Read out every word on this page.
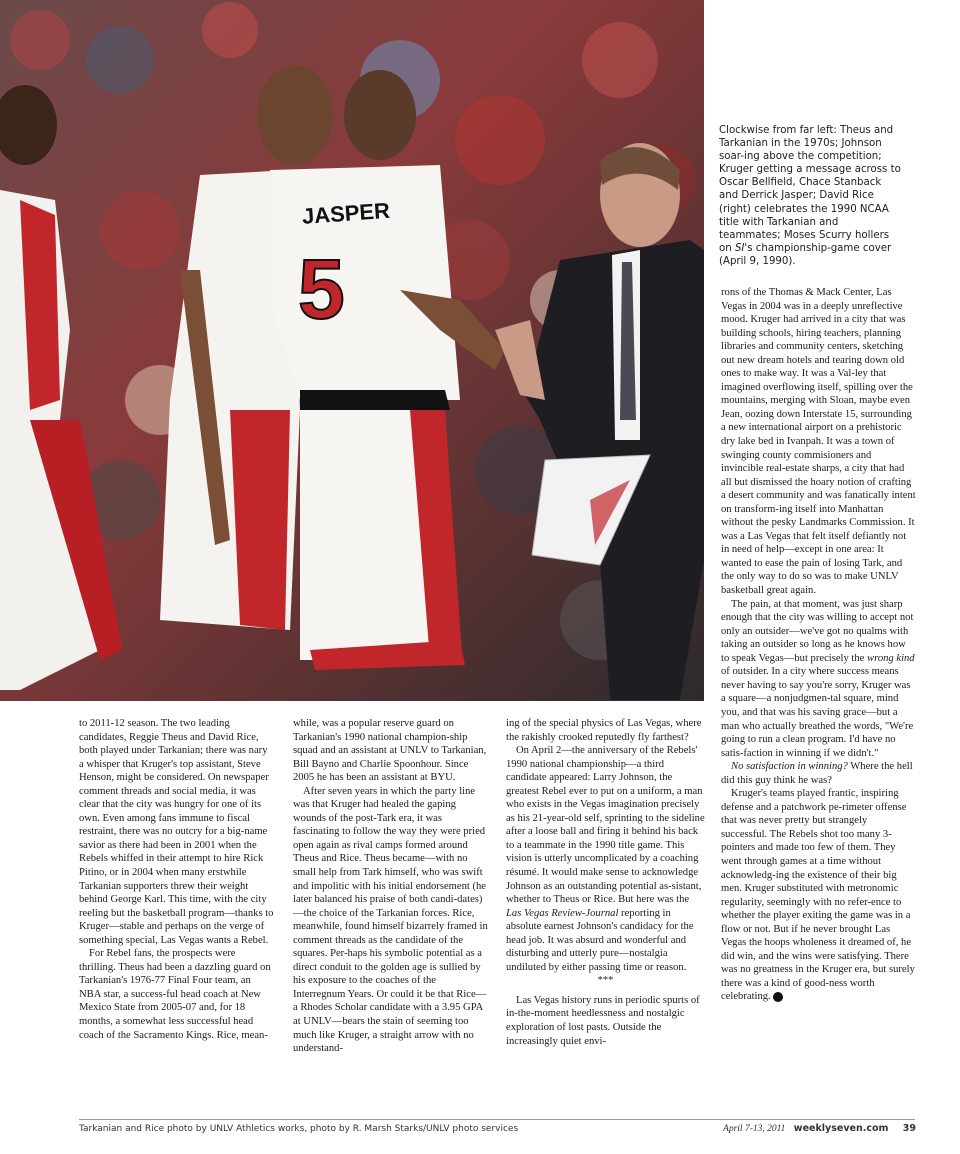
JASPER
5
Clockwise from far left: Theus and Tarkanian in the 1970s; Johnson soar-ing above the competition; Kruger getting a message across to Oscar Bellfield, Chace Stanback and Derrick Jasper; David Rice (right) celebrates the 1990 NCAA title with Tarkanian and teammates; Moses Scurry hollers on SI's championship-game cover (April 9, 1990).

to 2011-12 season. The two leading candidates, Reggie Theus and David Rice, both played under Tarkanian; there was nary a whisper that Kruger's top assistant, Steve Henson, might be considered. On newspaper comment threads and social media, it was clear that the city was hungry for one of its own. Even among fans immune to fiscal restraint, there was no outcry for a big-name savior as there had been in 2001 when the Rebels whiffed in their attempt to hire Rick Pitino, or in 2004 when many erstwhile Tarkanian supporters threw their weight behind George Karl. This time, with the city reeling but the basketball program—thanks to Kruger—stable and perhaps on the verge of something special, Las Vegas wants a Rebel.

For Rebel fans, the prospects were thrilling. Theus had been a dazzling guard on Tarkanian's 1976-77 Final Four team, an NBA star, a success-ful head coach at New Mexico State from 2005-07 and, for 18 months, a somewhat less successful head coach of the Sacramento Kings. Rice, mean-

while, was a popular reserve guard on Tarkanian's 1990 national champion-ship squad and an assistant at UNLV to Tarkanian, Bill Bayno and Charlie Spoonhour. Since 2005 he has been an assistant at BYU.

After seven years in which the party line was that Kruger had healed the gaping wounds of the post-Tark era, it was fascinating to follow the way they were pried open again as rival camps formed around Theus and Rice. Theus became—with no small help from Tark himself, who was swift and impolitic with his initial endorsement (he later balanced his praise of both candi-dates)—the choice of the Tarkanian forces. Rice, meanwhile, found himself bizarrely framed in comment threads as the candidate of the squares. Per-haps his symbolic potential as a direct conduit to the golden age is sullied by his exposure to the coaches of the Interregnum Years. Or could it be that Rice—a Rhodes Scholar candidate with a 3.95 GPA at UNLV—bears the stain of seeming too much like Kruger, a straight arrow with no understand-

ing of the special physics of Las Vegas, where the rakishly crooked reputedly fly farthest?

On April 2—the anniversary of the Rebels' 1990 national championship—a third candidate appeared: Larry Johnson, the greatest Rebel ever to put on a uniform, a man who exists in the Vegas imagination precisely as his 21-year-old self, sprinting to the sideline after a loose ball and firing it behind his back to a teammate in the 1990 title game. This vision is utterly uncomplicated by a coaching résumé. It would make sense to acknowledge Johnson as an outstanding potential as-sistant, whether to Theus or Rice. But here was the Las Vegas Review-Journal reporting in absolute earnest Johnson's candidacy for the head job. It was absurd and wonderful and disturbing and utterly pure—nostalgia undiluted by either passing time or reason.

***

Las Vegas history runs in periodic spurts of in-the-moment heedlessness and nostalgic exploration of lost pasts. Outside the increasingly quiet envi-

rons of the Thomas & Mack Center, Las Vegas in 2004 was in a deeply unreflective mood. Kruger had arrived in a city that was building schools, hiring teachers, planning libraries and community centers, sketching out new dream hotels and tearing down old ones to make way. It was a Val-ley that imagined overflowing itself, spilling over the mountains, merging with Sloan, maybe even Jean, oozing down Interstate 15, surrounding a new international airport on a prehistoric dry lake bed in Ivanpah. It was a town of swinging county commisioners and invincible real-estate sharps, a city that had all but dismissed the hoary notion of crafting a desert community and was fanatically intent on transform-ing itself into Manhattan without the pesky Landmarks Commission. It was a Las Vegas that felt itself defiantly not in need of help—except in one area: It wanted to ease the pain of losing Tark, and the only way to do so was to make UNLV basketball great again.

The pain, at that moment, was just sharp enough that the city was willing to accept not only an outsider—we've got no qualms with taking an outsider so long as he knows how to speak Vegas—but precisely the wrong kind of outsider. In a city where success means never having to say you're sorry, Kruger was a square—a nonjudgmen-tal square, mind you, and that was his saving grace—but a man who actually breathed the words, "We're going to run a clean program. I'd have no satis-faction in winning if we didn't."

No satisfaction in winning? Where the hell did this guy think he was?

Kruger's teams played frantic, inspiring defense and a patchwork pe-rimeter offense that was never pretty but strangely successful. The Rebels shot too many 3-pointers and made too few of them. They went through games at a time without acknowledg-ing the existence of their big men. Kruger substituted with metronomic regularity, seemingly with no refer-ence to whether the player exiting the game was in a flow or not. But if he never brought Las Vegas the hoops wholeness it dreamed of, he did win, and the wins were satisfying. There was no greatness in the Kruger era, but surely there was a kind of good-ness worth celebrating. 7

Tarkanian and Rice photo by UNLV Athletics works, photo by R. Marsh Starks/UNLV photo services	April 7-13, 2011 weeklyseven.com 39
